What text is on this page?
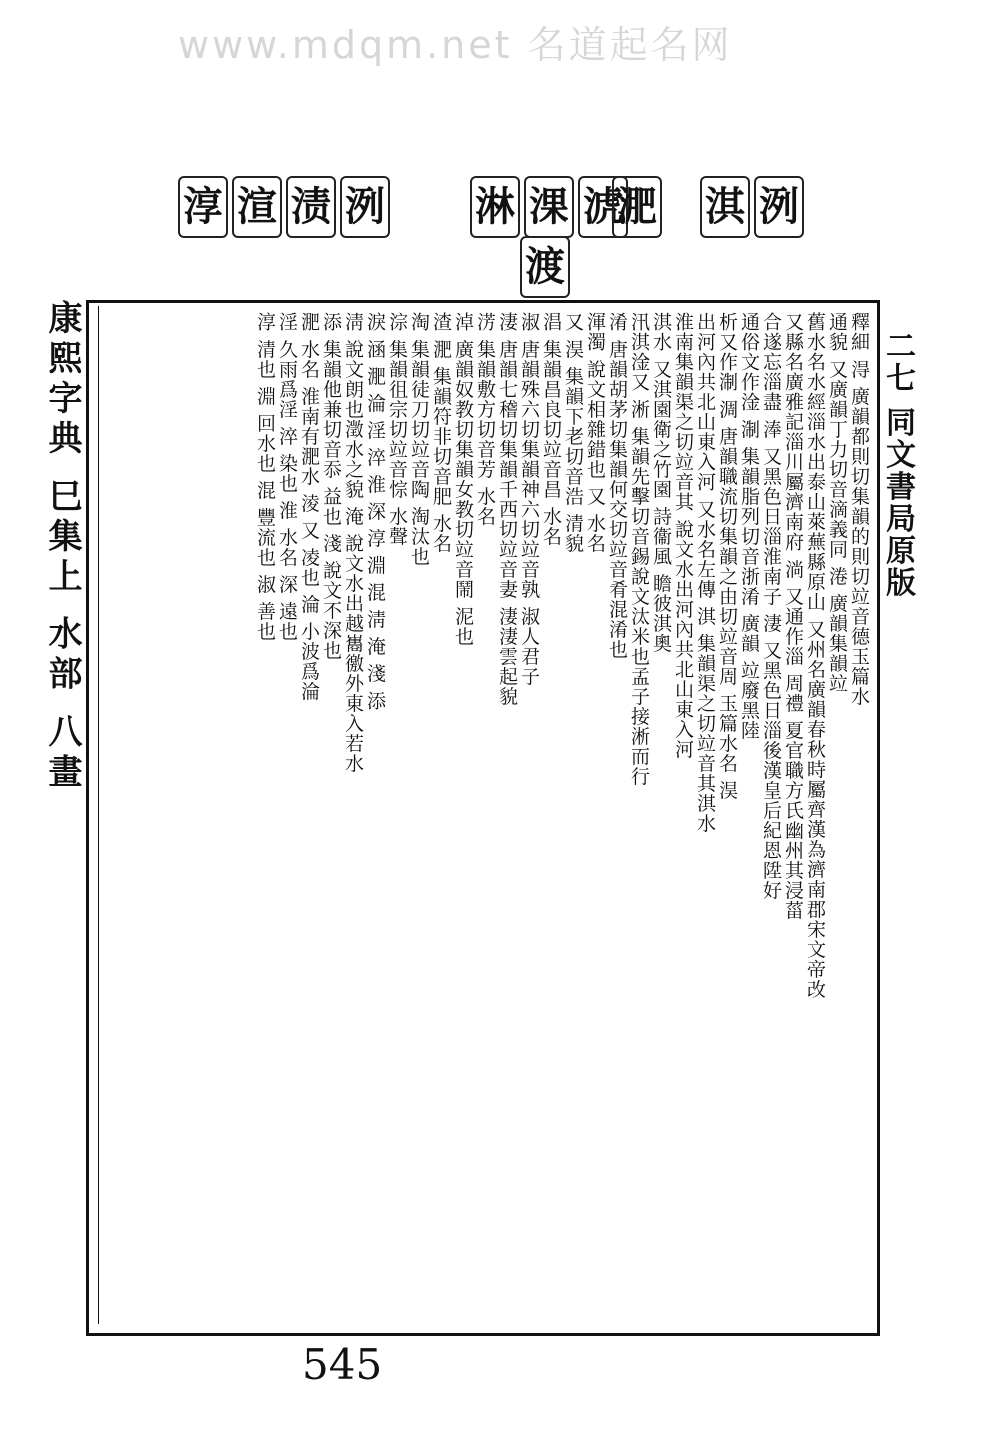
www.mdqm.net 名道起名网
淳 渲 渍 洌 淋 淉 淲
渡
淝 淇 洌
康熙字典 巳集上 水部 八畫	二七 同文書局原版

釋細 淂 廣韻都則切集韻的則切竝音德玉篇水

通貌 又廣韻丁力切音滴義同 淃 廣韻集韻竝

舊水名水經淄水出泰山萊蕪縣原山 又州名廣韻春秋時屬齊漢為濟南郡宋文帝改

又縣名廣雅記淄川屬濟南府 淌 又通作淄 周禮 夏官職方氏幽州其浸菑

合遂忘淄盡 淎 又黑色日淄淮南子 淒 又黑色日淄後漢皇后紀恩陞好

通俗文作淦 淛 集韻脂列切音浙淆 廣韻 竝廢黑陸

析又作淛 淍 唐韻職流切集韻之由切竝音周 玉篇水名 淏

出河內共北山東入河 又水名左傳 淇 集韻渠之切竝音其淇水

淮南集韻渠之切竝音其 說文水出河內共北山東入河

淇水 又淇園衛之竹園 詩衞風 瞻彼淇奧

汛淇淦又 淅 集韻先擊切音錫說文汰米也孟子接淅而行

淆 唐韻胡茅切集韻何交切竝音肴混淆也

渾濁 說文相雜錯也 又 水名

又 淏 集韻下老切音浩 清貌

淐 集韻昌良切竝音昌 水名

淑 唐韻殊六切集韻神六切竝音孰 淑人君子

淒 唐韻七稽切集韻千西切竝音妻 淒淒雲起貌

淓 集韻敷方切音芳 水名

淖 廣韻奴教切集韻女教切竝音鬧 泥也

渣 淝 集韻符非切音肥 水名

淘 集韻徒刀切竝音陶 淘汰也

淙 集韻徂宗切竝音悰 水聲

淚 涵 淝 淪 淫 淬 淮 深 淳 淵 混 淸 淹 淺 添

淸 說文朗也澂水之貌 淹 說文水出越巂徼外東入若水

添 集韻他兼切音忝 益也 淺 說文不深也

淝 水名 淮南有淝水 淩 又 凌也 淪 小波爲淪

淫 久雨爲淫 淬 染也 淮 水名 深 遠也

淳 清也 淵 回水也 混 豐流也 淑 善也

545
